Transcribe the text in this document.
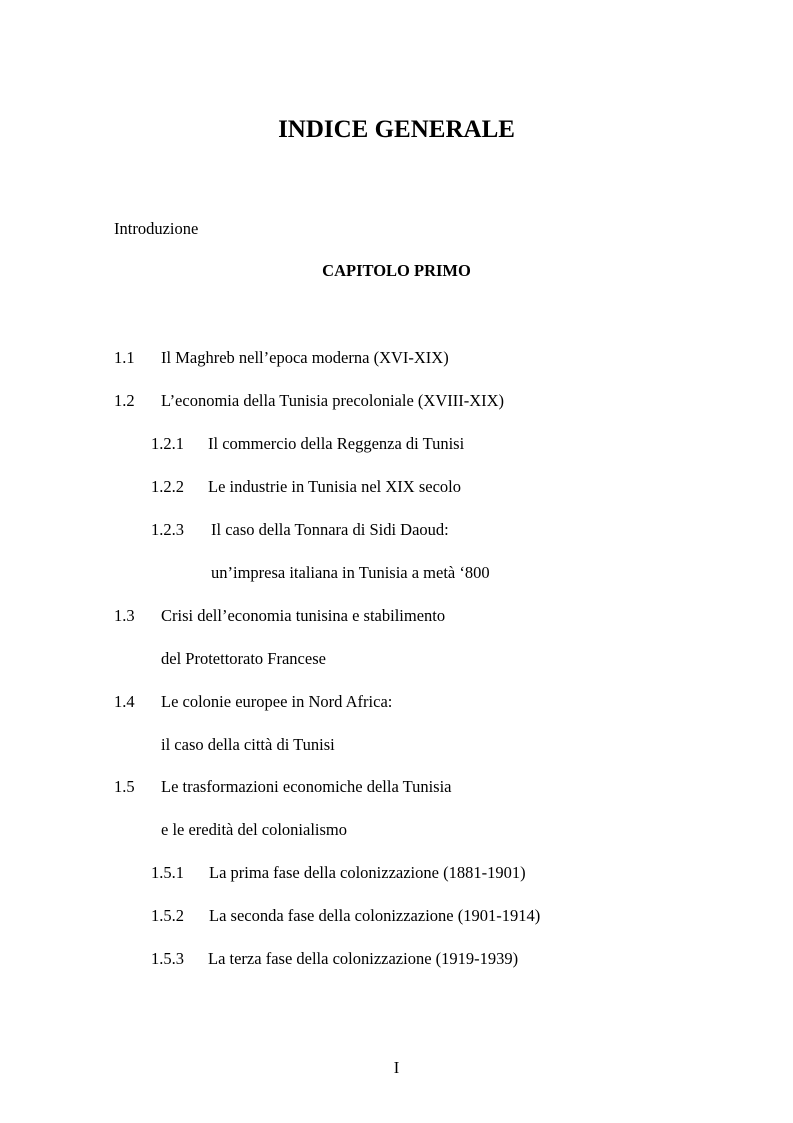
INDICE GENERALE
Introduzione
CAPITOLO PRIMO
1.1 Il Maghreb nell’epoca moderna (XVI-XIX)
1.2 L’economia della Tunisia precoloniale (XVIII-XIX)
1.2.1 Il commercio della Reggenza di Tunisi
1.2.2 Le industrie in Tunisia nel XIX secolo
1.2.3 Il caso della Tonnara di Sidi Daoud:
un’impresa italiana in Tunisia a metà ‘800
1.3 Crisi dell’economia tunisina e stabilimento
del Protettorato Francese
1.4 Le colonie europee in Nord Africa:
il caso della città di Tunisi
1.5 Le trasformazioni economiche della Tunisia
e le eredità del colonialismo
1.5.1 La prima fase della colonizzazione (1881-1901)
1.5.2 La seconda fase della colonizzazione (1901-1914)
1.5.3 La terza fase della colonizzazione (1919-1939)
I
